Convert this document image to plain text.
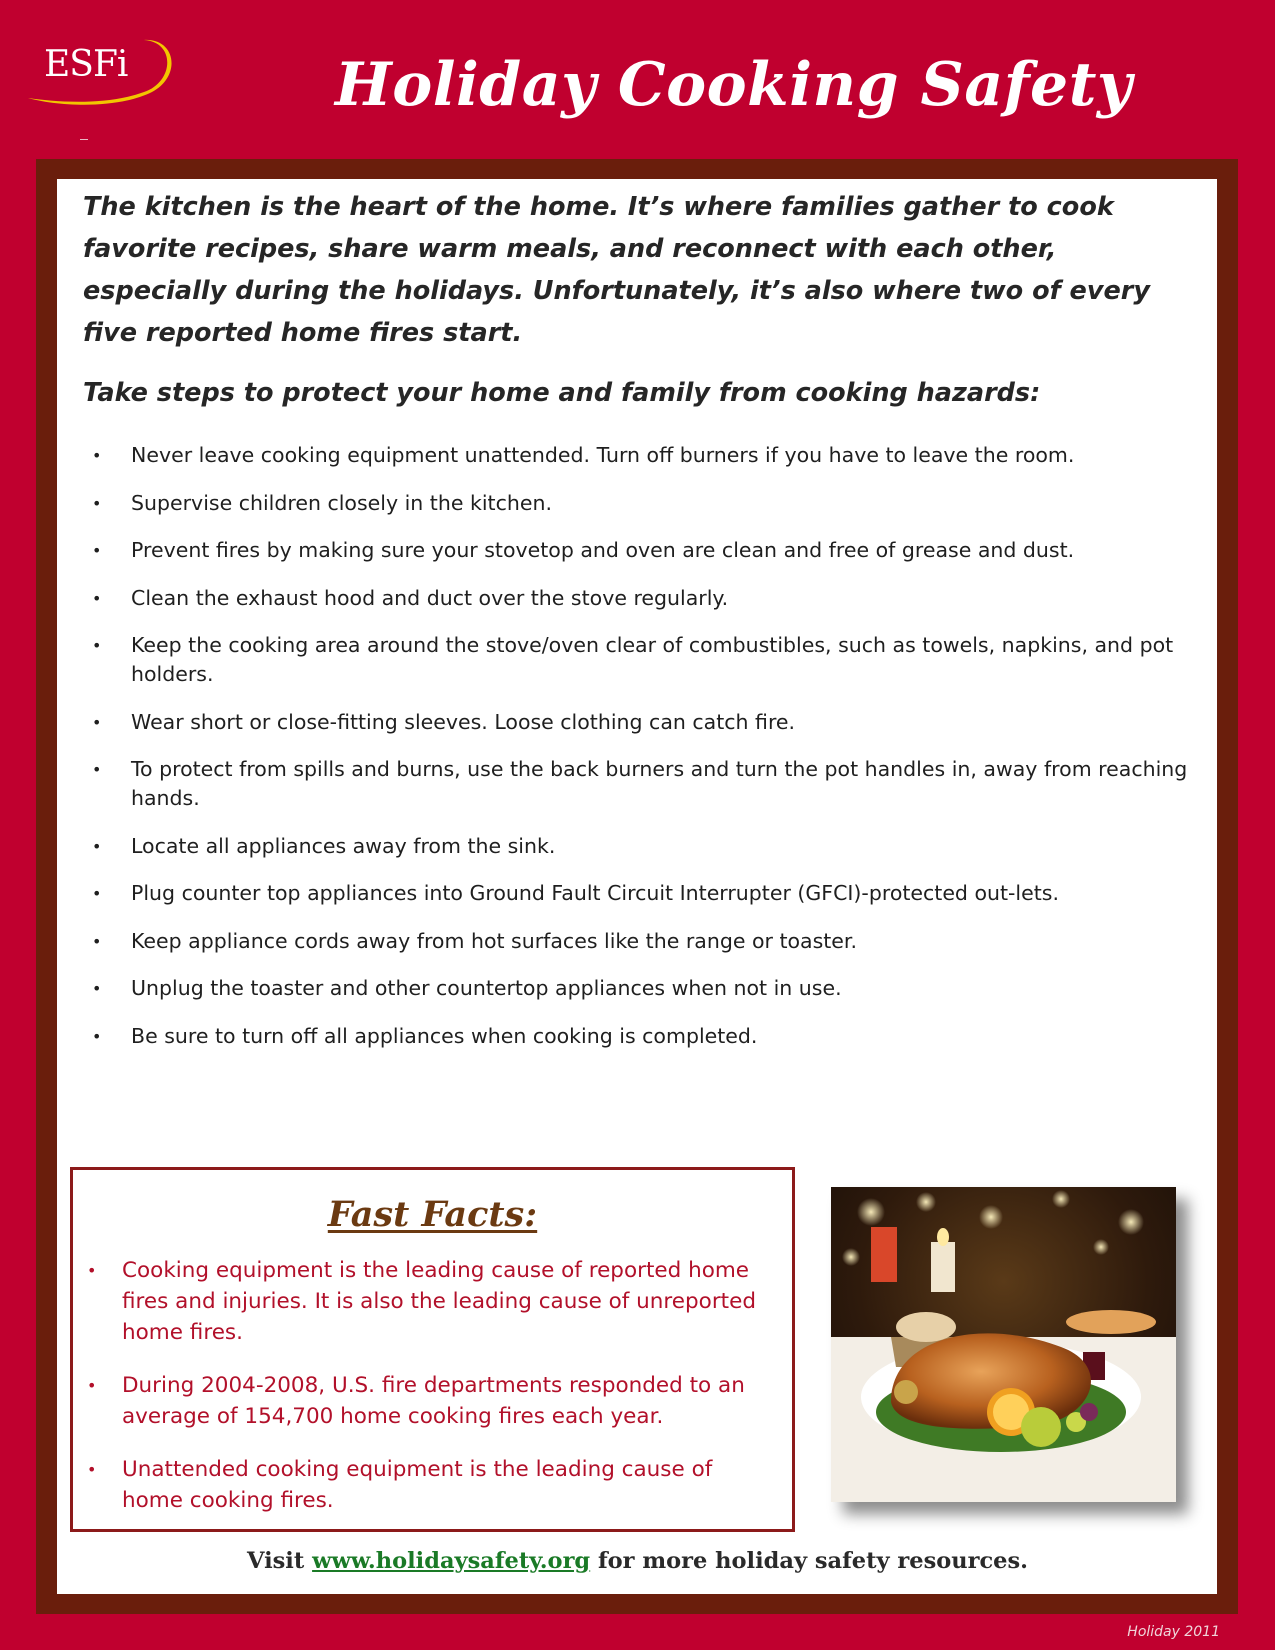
ESFi	Holiday Cooking Safety

The kitchen is the heart of the home. It’s where families gather to cook favorite recipes, share warm meals, and reconnect with each other, especially during the holidays. Unfortunately, it’s also where two of every five reported home fires start.

Take steps to protect your home and family from cooking hazards:

• Never leave cooking equipment unattended. Turn off burners if you have to leave the room.
• Supervise children closely in the kitchen.
• Prevent fires by making sure your stovetop and oven are clean and free of grease and dust.
• Clean the exhaust hood and duct over the stove regularly.
• Keep the cooking area around the stove/oven clear of combustibles, such as towels, napkins, and pot holders.
• Wear short or close-fitting sleeves. Loose clothing can catch fire.
• To protect from spills and burns, use the back burners and turn the pot handles in, away from reaching hands.
• Locate all appliances away from the sink.
• Plug counter top appliances into Ground Fault Circuit Interrupter (GFCI)-protected out-lets.
• Keep appliance cords away from hot surfaces like the range or toaster.
• Unplug the toaster and other countertop appliances when not in use.
• Be sure to turn off all appliances when cooking is completed.
Fast Facts:
• Cooking equipment is the leading cause of reported home fires and injuries. It is also the leading cause of unreported home fires.
• During 2004-2008, U.S. fire departments responded to an average of 154,700 home cooking fires each year.
• Unattended cooking equipment is the leading cause of home cooking fires.

Visit www.holidaysafety.org for more holiday safety resources.

Holiday 2011
